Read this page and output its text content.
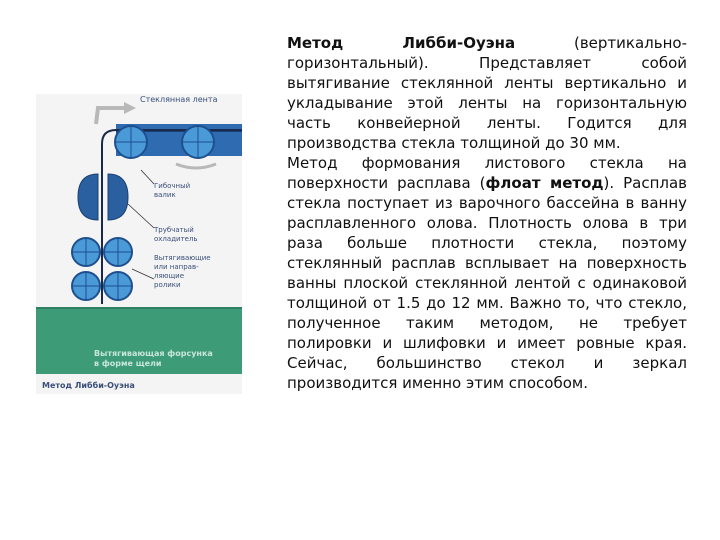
Стеклянная лента
Гибочный валик
Трубчатый охладитель
Вытягивающие или направ-ляющие ролики
Вытягивающая форсунка в форме щели
Метод Либби-Оуэна

Метод Либби-Оуэна (вертикально-горизонтальный). Представляет собой вытягивание стеклянной ленты вертикально и укладывание этой ленты на горизонтальную часть конвейерной ленты. Годится для производства стекла толщиной до 30 мм.

Метод формования листового стекла на поверхности расплава (флоат метод). Расплав стекла поступает из варочного бассейна в ванну расплавленного олова. Плотность олова в три раза больше плотности стекла, поэтому стеклянный расплав всплывает на поверхность ванны плоской стеклянной лентой с одинаковой толщиной от 1.5 до 12 мм. Важно то, что стекло, полученное таким методом, не требует полировки и шлифовки и имеет ровные края. Сейчас, большинство стекол и зеркал производится именно этим способом.
